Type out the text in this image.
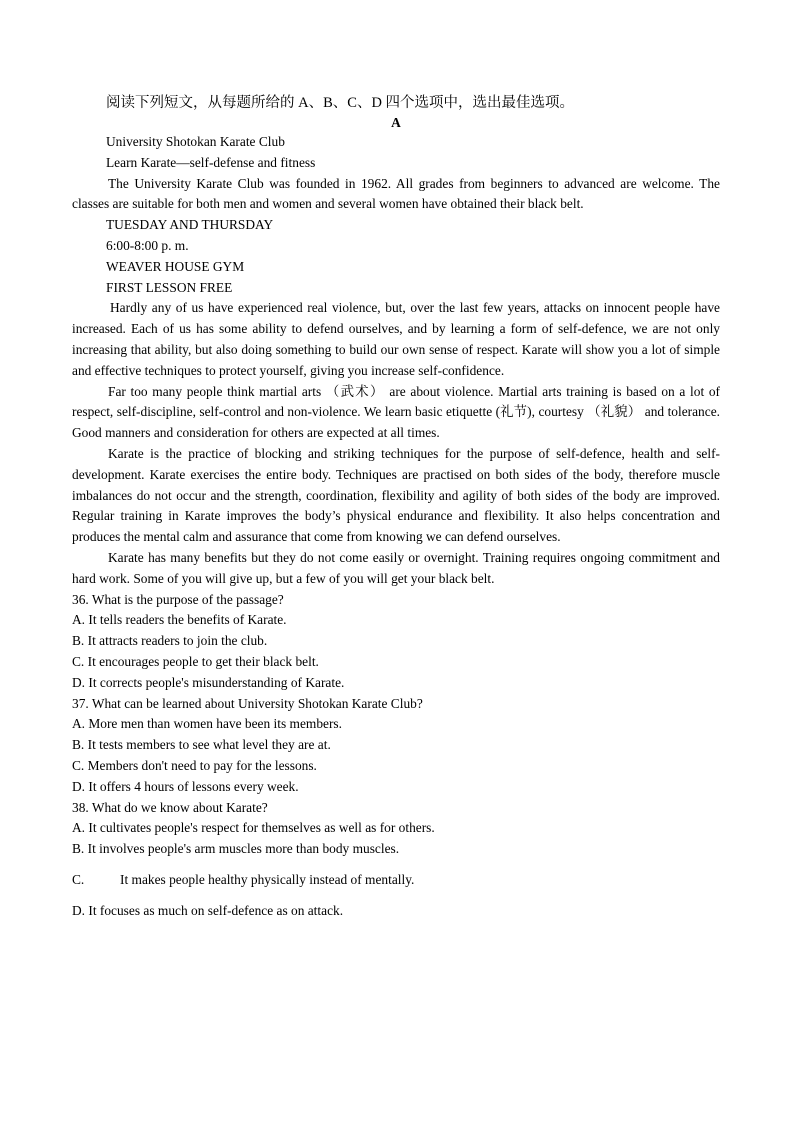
阅读下列短文，从每题所给的 A、B、C、D 四个选项中，选出最佳选项。
A
University Shotokan Karate Club
Learn Karate—self-defense and fitness

The University Karate Club was founded in 1962. All grades from beginners to advanced are welcome. The classes are suitable for both men and women and several women have obtained their black belt.

TUESDAY AND THURSDAY
6:00-8:00 p. m.
WEAVER HOUSE GYM
FIRST LESSON FREE

Hardly any of us have experienced real violence, but, over the last few years, attacks on innocent people have increased. Each of us has some ability to defend ourselves, and by learning a form of self-defence, we are not only increasing that ability, but also doing something to build our own sense of respect. Karate will show you a lot of simple and effective techniques to protect yourself, giving you increase self-confidence.

Far too many people think martial arts （武术） are about violence. Martial arts training is based on a lot of respect, self-discipline, self-control and non-violence. We learn basic etiquette (礼节), courtesy （礼貌） and tolerance. Good manners and consideration for others are expected at all times.

Karate is the practice of blocking and striking techniques for the purpose of self-defence, health and self-development. Karate exercises the entire body. Techniques are practised on both sides of the body, therefore muscle imbalances do not occur and the strength, coordination, flexibility and agility of both sides of the body are improved. Regular training in Karate improves the body’s physical endurance and flexibility. It also helps concentration and produces the mental calm and assurance that come from knowing we can defend ourselves.

Karate has many benefits but they do not come easily or overnight. Training requires ongoing commitment and hard work. Some of you will give up, but a few of you will get your black belt.

36. What is the purpose of the passage?
A. It tells readers the benefits of Karate.
B. It attracts readers to join the club.
C. It encourages people to get their black belt.
D. It corrects people's misunderstanding of Karate.
37. What can be learned about University Shotokan Karate Club?
A. More men than women have been its members.
B. It tests members to see what level they are at.
C. Members don't need to pay for the lessons.
D. It offers 4 hours of lessons every week.
38. What do we know about Karate?
A. It cultivates people's respect for themselves as well as for others.
B. It involves people's arm muscles more than body muscles.
C.	It makes people healthy physically instead of mentally.
D. It focuses as much on self-defence as on attack.
